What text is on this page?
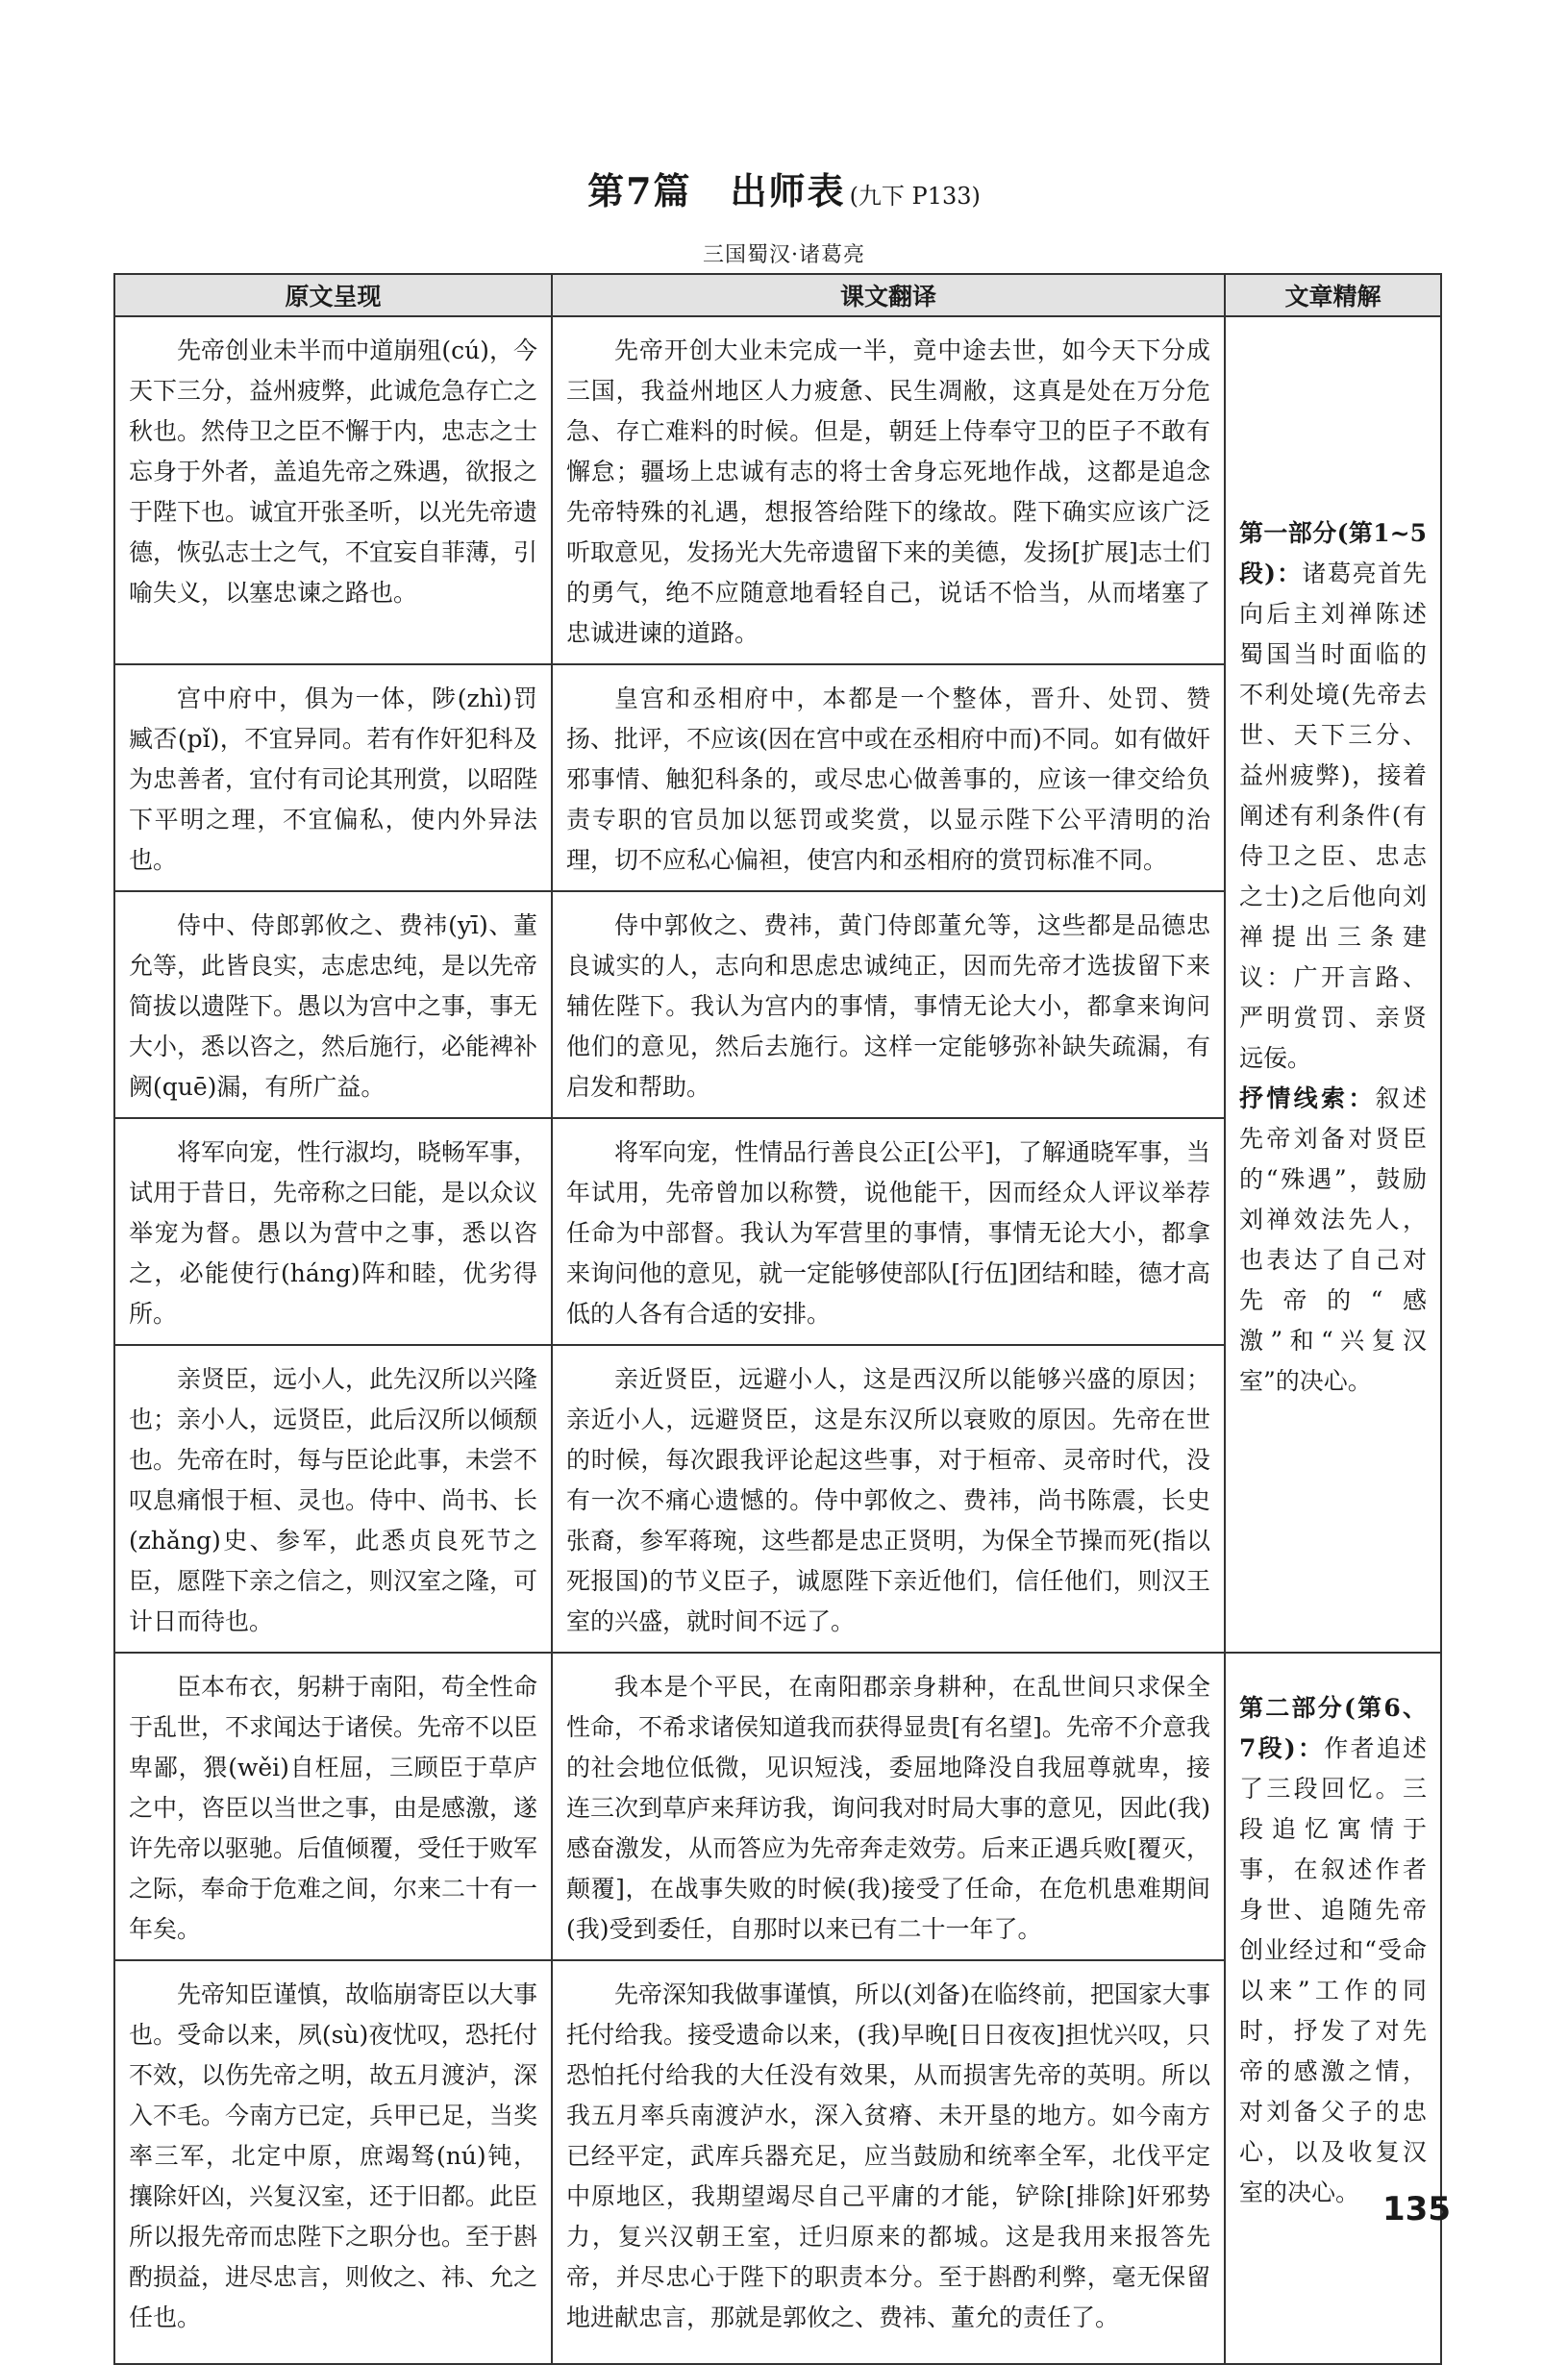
第7篇　出师表 (九下 P133)
三国蜀汉·诸葛亮
原文呈现	课文翻译	文章精解
先帝创业未半而中道崩殂(cú)，今天下三分，益州疲弊，此诚危急存亡之秋也。然侍卫之臣不懈于内，忠志之士忘身于外者，盖追先帝之殊遇，欲报之于陛下也。诚宜开张圣听，以光先帝遗德，恢弘志士之气，不宜妄自菲薄，引喻失义，以塞忠谏之路也。	先帝开创大业未完成一半，竟中途去世，如今天下分成三国，我益州地区人力疲惫、民生凋敝，这真是处在万分危急、存亡难料的时候。但是，朝廷上侍奉守卫的臣子不敢有懈怠；疆场上忠诚有志的将士舍身忘死地作战，这都是追念先帝特殊的礼遇，想报答给陛下的缘故。陛下确实应该广泛听取意见，发扬光大先帝遗留下来的美德，发扬[扩展]志士们的勇气，绝不应随意地看轻自己，说话不恰当，从而堵塞了忠诚进谏的道路。	第一部分(第1~5段)：诸葛亮首先向后主刘禅陈述蜀国当时面临的不利处境(先帝去世、天下三分、益州疲弊)，接着阐述有利条件(有侍卫之臣、忠志之士)之后他向刘禅提出三条建议：广开言路、严明赏罚、亲贤远佞。
抒情线索：叙述先帝刘备对贤臣的“殊遇”，鼓励刘禅效法先人，也表达了自己对先帝的“感激”和“兴复汉室”的决心。

宫中府中，俱为一体，陟(zhì)罚臧否(pǐ)，不宜异同。若有作奸犯科及为忠善者，宜付有司论其刑赏，以昭陛下平明之理，不宜偏私，使内外异法也。	皇宫和丞相府中，本都是一个整体，晋升、处罚、赞扬、批评，不应该(因在宫中或在丞相府中而)不同。如有做奸邪事情、触犯科条的，或尽忠心做善事的，应该一律交给负责专职的官员加以惩罚或奖赏，以显示陛下公平清明的治理，切不应私心偏袒，使宫内和丞相府的赏罚标准不同。	
侍中、侍郎郭攸之、费祎(yī)、董允等，此皆良实，志虑忠纯，是以先帝简拔以遗陛下。愚以为宫中之事，事无大小，悉以咨之，然后施行，必能裨补阙(quē)漏，有所广益。	侍中郭攸之、费祎，黄门侍郎董允等，这些都是品德忠良诚实的人，志向和思虑忠诚纯正，因而先帝才选拔留下来辅佐陛下。我认为宫内的事情，事情无论大小，都拿来询问他们的意见，然后去施行。这样一定能够弥补缺失疏漏，有启发和帮助。	
将军向宠，性行淑均，晓畅军事，试用于昔日，先帝称之曰能，是以众议举宠为督。愚以为营中之事，悉以咨之，必能使行(háng)阵和睦，优劣得所。	将军向宠，性情品行善良公正[公平]，了解通晓军事，当年试用，先帝曾加以称赞，说他能干，因而经众人评议举荐任命为中部督。我认为军营里的事情，事情无论大小，都拿来询问他的意见，就一定能够使部队[行伍]团结和睦，德才高低的人各有合适的安排。	
亲贤臣，远小人，此先汉所以兴隆也；亲小人，远贤臣，此后汉所以倾颓也。先帝在时，每与臣论此事，未尝不叹息痛恨于桓、灵也。侍中、尚书、长(zhǎng)史、参军，此悉贞良死节之臣，愿陛下亲之信之，则汉室之隆，可计日而待也。	亲近贤臣，远避小人，这是西汉所以能够兴盛的原因；亲近小人，远避贤臣，这是东汉所以衰败的原因。先帝在世的时候，每次跟我评论起这些事，对于桓帝、灵帝时代，没有一次不痛心遗憾的。侍中郭攸之、费祎，尚书陈震，长史张裔，参军蒋琬，这些都是忠正贤明，为保全节操而死(指以死报国)的节义臣子，诚愿陛下亲近他们，信任他们，则汉王室的兴盛，就时间不远了。	
臣本布衣，躬耕于南阳，苟全性命于乱世，不求闻达于诸侯。先帝不以臣卑鄙，猥(wěi)自枉屈，三顾臣于草庐之中，咨臣以当世之事，由是感激，遂许先帝以驱驰。后值倾覆，受任于败军之际，奉命于危难之间，尔来二十有一年矣。	我本是个平民，在南阳郡亲身耕种，在乱世间只求保全性命，不希求诸侯知道我而获得显贵[有名望]。先帝不介意我的社会地位低微，见识短浅，委屈地降没自我屈尊就卑，接连三次到草庐来拜访我，询问我对时局大事的意见，因此(我)感奋激发，从而答应为先帝奔走效劳。后来正遇兵败[覆灭，颠覆]，在战事失败的时候(我)接受了任命，在危机患难期间(我)受到委任，自那时以来已有二十一年了。	第二部分(第6、7段)：作者追述了三段回忆。三段追忆寓情于事，在叙述作者身世、追随先帝创业经过和“受命以来”工作的同时，抒发了对先帝的感激之情，对刘备父子的忠心，以及收复汉室的决心。

先帝知臣谨慎，故临崩寄臣以大事也。受命以来，夙(sù)夜忧叹，恐托付不效，以伤先帝之明，故五月渡泸，深入不毛。今南方已定，兵甲已足，当奖率三军，北定中原，庶竭驽(nú)钝，攘除奸凶，兴复汉室，还于旧都。此臣所以报先帝而忠陛下之职分也。至于斟酌损益，进尽忠言，则攸之、祎、允之任也。	先帝深知我做事谨慎，所以(刘备)在临终前，把国家大事托付给我。接受遗命以来，(我)早晚[日日夜夜]担忧兴叹，只恐怕托付给我的大任没有效果，从而损害先帝的英明。所以我五月率兵南渡泸水，深入贫瘠、未开垦的地方。如今南方已经平定，武库兵器充足，应当鼓励和统率全军，北伐平定中原地区，我期望竭尽自己平庸的才能，铲除[排除]奸邪势力，复兴汉朝王室，迁归原来的都城。这是我用来报答先帝，并尽忠心于陛下的职责本分。至于斟酌利弊，毫无保留地进献忠言，那就是郭攸之、费祎、董允的责任了。	
135
